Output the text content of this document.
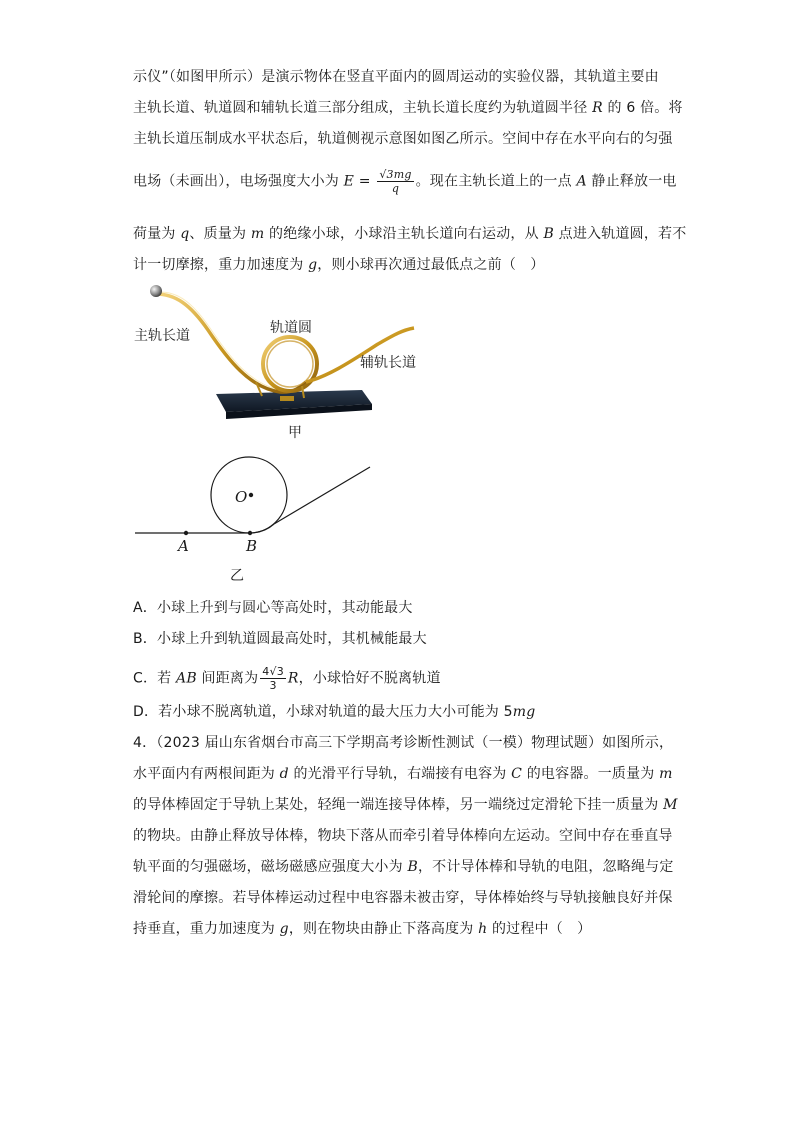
示仪”（如图甲所示）是演示物体在竖直平面内的圆周运动的实验仪器，其轨道主要由
主轨长道、轨道圆和辅轨长道三部分组成，主轨长道长度约为轨道圆半径 R 的 6 倍。将
主轨长道压制成水平状态后，轨道侧视示意图如图乙所示。空间中存在水平向右的匀强
电场（未画出），电场强度大小为 $E = \frac{√3mg}{q}$ 。现在主轨长道上的一点 A 静止释放一电
荷量为 q、质量为 m 的绝缘小球，小球沿主轨长道向右运动，从 B 点进入轨道圆，若不
计一切摩擦，重力加速度为 g，则小球再次通过最低点之前（　）
主轨长道	轨道圆
辅轨长道
甲
O
A	B
乙
A．小球上升到与圆心等高处时，其动能最大
B．小球上升到轨道圆最高处时，其机械能最大
C．若 AB 间距离为 $\frac{4√3}{3}$ R，小球恰好不脱离轨道
D．若小球不脱离轨道，小球对轨道的最大压力大小可能为 5mg
4．（2023 届山东省烟台市高三下学期高考诊断性测试（一模）物理试题）如图所示，
水平面内有两根间距为 d 的光滑平行导轨，右端接有电容为 C 的电容器。一质量为 m
的导体棒固定于导轨上某处，轻绳一端连接导体棒，另一端绕过定滑轮下挂一质量为 M
的物块。由静止释放导体棒，物块下落从而牵引着导体棒向左运动。空间中存在垂直导
轨平面的匀强磁场，磁场磁感应强度大小为 B，不计导体棒和导轨的电阻，忽略绳与定
滑轮间的摩擦。若导体棒运动过程中电容器未被击穿，导体棒始终与导轨接触良好并保
持垂直，重力加速度为 g，则在物块由静止下落高度为 h 的过程中（　）
